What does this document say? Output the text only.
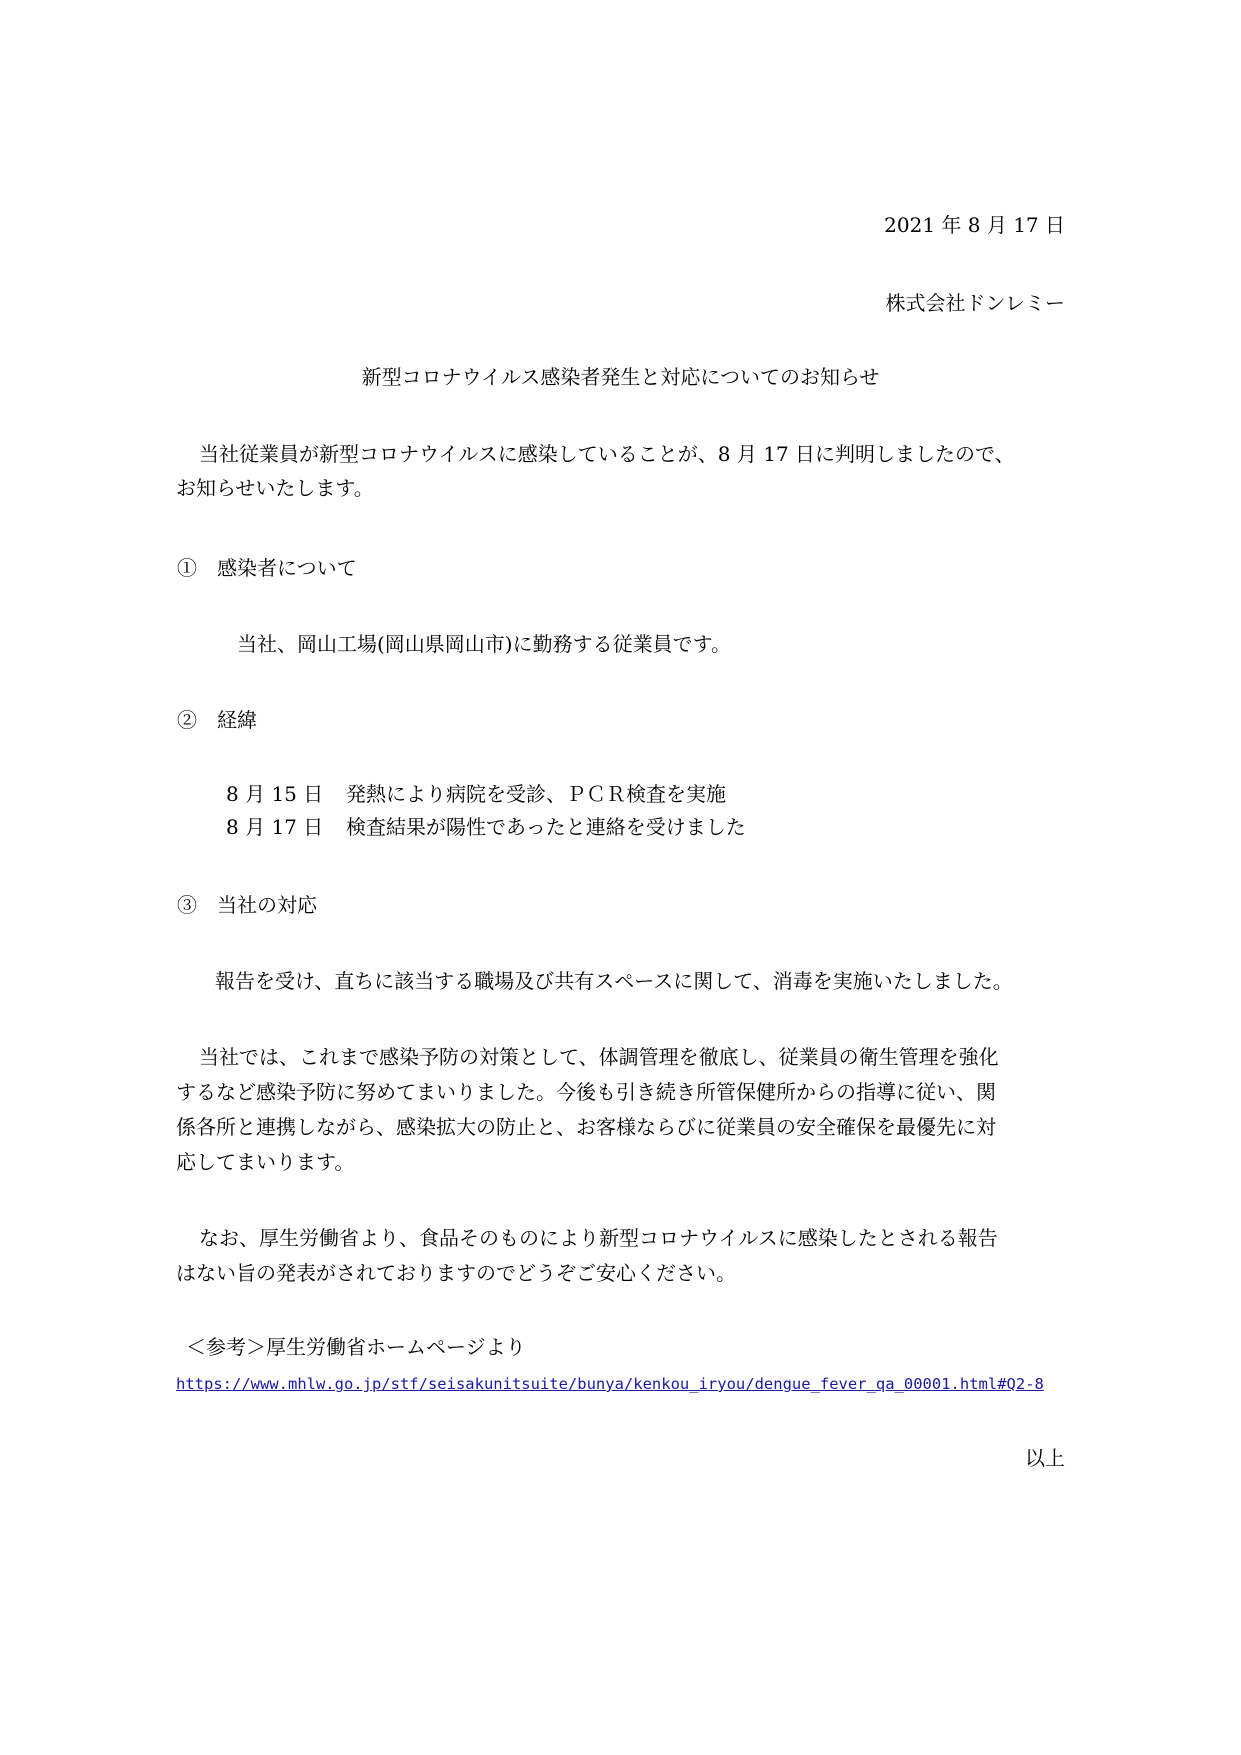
2021 年 8 月 17 日
株式会社ドンレミー
新型コロナウイルス感染者発生と対応についてのお知らせ
当社従業員が新型コロナウイルスに感染していることが、8 月 17 日に判明しましたので、
お知らせいたします。
①　感染者について
当社、岡山工場(岡山県岡山市)に勤務する従業員です。
②　経緯
8 月 15 日 発熱により病院を受診、ＰＣＲ検査を実施
8 月 17 日 検査結果が陽性であったと連絡を受けました
③　当社の対応
報告を受け、直ちに該当する職場及び共有スペースに関して、消毒を実施いたしました。
当社では、これまで感染予防の対策として、体調管理を徹底し、従業員の衛生管理を強化
するなど感染予防に努めてまいりました。今後も引き続き所管保健所からの指導に従い、関
係各所と連携しながら、感染拡大の防止と、お客様ならびに従業員の安全確保を最優先に対
応してまいります。
なお、厚生労働省より、食品そのものにより新型コロナウイルスに感染したとされる報告
はない旨の発表がされておりますのでどうぞご安心ください。
＜参考＞厚生労働省ホームページより
https://www.mhlw.go.jp/stf/seisakunitsuite/bunya/kenkou_iryou/dengue_fever_qa_00001.html#Q2-8
以上
